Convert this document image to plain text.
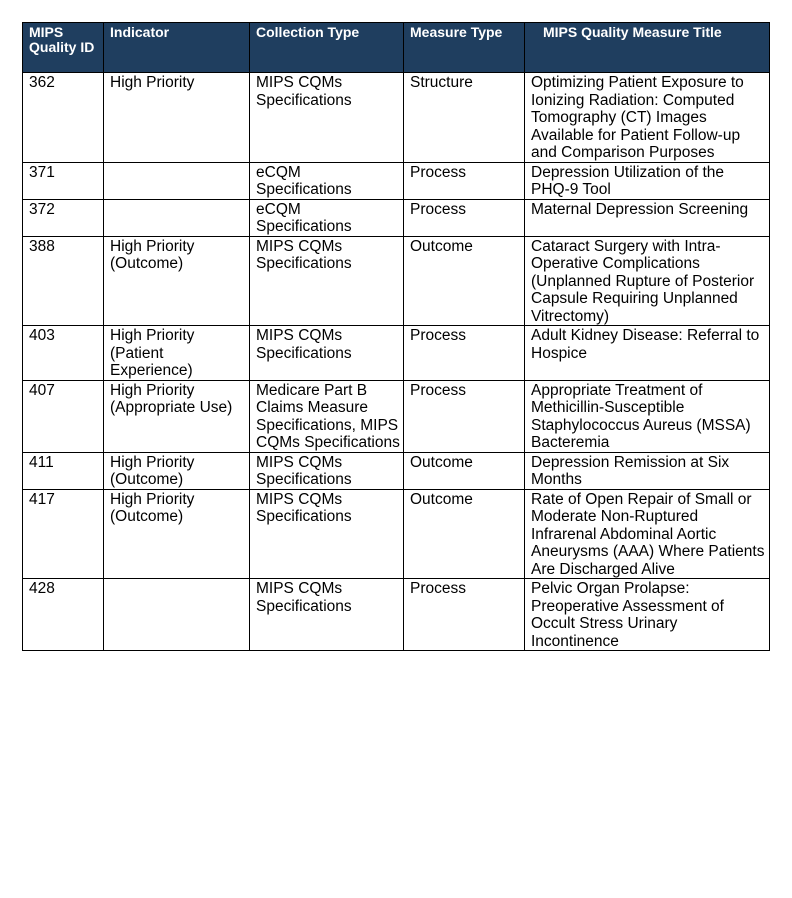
MIPS Quality ID	Indicator	Collection Type	Measure Type	MIPS Quality Measure Title
362	High Priority	MIPS CQMs Specifications	Structure	Optimizing Patient Exposure to Ionizing Radiation: Computed Tomography (CT) Images Available for Patient Follow-up and Comparison Purposes
371		eCQM Specifications	Process	Depression Utilization of the PHQ-9 Tool
372		eCQM Specifications	Process	Maternal Depression Screening
388	High Priority (Outcome)	MIPS CQMs Specifications	Outcome	Cataract Surgery with Intra-Operative Complications (Unplanned Rupture of Posterior Capsule Requiring Unplanned Vitrectomy)
403	High Priority (Patient Experience)	MIPS CQMs Specifications	Process	Adult Kidney Disease: Referral to Hospice
407	High Priority (Appropriate Use)	Medicare Part B Claims Measure Specifications, MIPS CQMs Specifications	Process	Appropriate Treatment of Methicillin-Susceptible Staphylococcus Aureus (MSSA) Bacteremia
411	High Priority (Outcome)	MIPS CQMs Specifications	Outcome	Depression Remission at Six Months
417	High Priority (Outcome)	MIPS CQMs Specifications	Outcome	Rate of Open Repair of Small or Moderate Non-Ruptured Infrarenal Abdominal Aortic Aneurysms (AAA) Where Patients Are Discharged Alive
428		MIPS CQMs Specifications	Process	Pelvic Organ Prolapse: Preoperative Assessment of Occult Stress Urinary Incontinence
